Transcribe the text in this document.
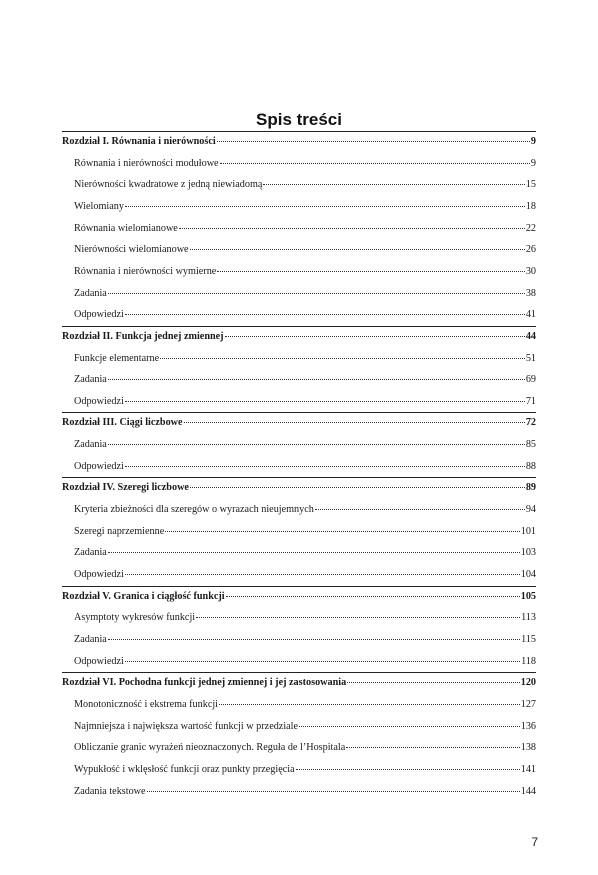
Spis treści
Rozdział I. Równania i nierówności	9
Równania i nierówności modułowe	9
Nierówności kwadratowe z jedną niewiadomą	15
Wielomiany	18
Równania wielomianowe	22
Nierówności wielomianowe	26
Równania i nierówności wymierne	30
Zadania	38
Odpowiedzi	41
Rozdział II. Funkcja jednej zmiennej	44
Funkcje elementarne	51
Zadania	69
Odpowiedzi	71
Rozdział III. Ciągi liczbowe	72
Zadania	85
Odpowiedzi	88
Rozdział IV. Szeregi liczbowe	89
Kryteria zbieżności dla szeregów o wyrazach nieujemnych	94
Szeregi naprzemienne	101
Zadania	103
Odpowiedzi	104
Rozdział V. Granica i ciągłość funkcji	105
Asymptoty wykresów funkcji	113
Zadania	115
Odpowiedzi	118
Rozdział VI. Pochodna funkcji jednej zmiennej i jej zastosowania	120
Monotoniczność i ekstrema funkcji	127
Najmniejsza i największa wartość funkcji w przedziale	136
Obliczanie granic wyrażeń nieoznaczonych. Reguła de l’Hospitala	138
Wypukłość i wklęsłość funkcji oraz punkty przegięcia	141
Zadania tekstowe	144
7
